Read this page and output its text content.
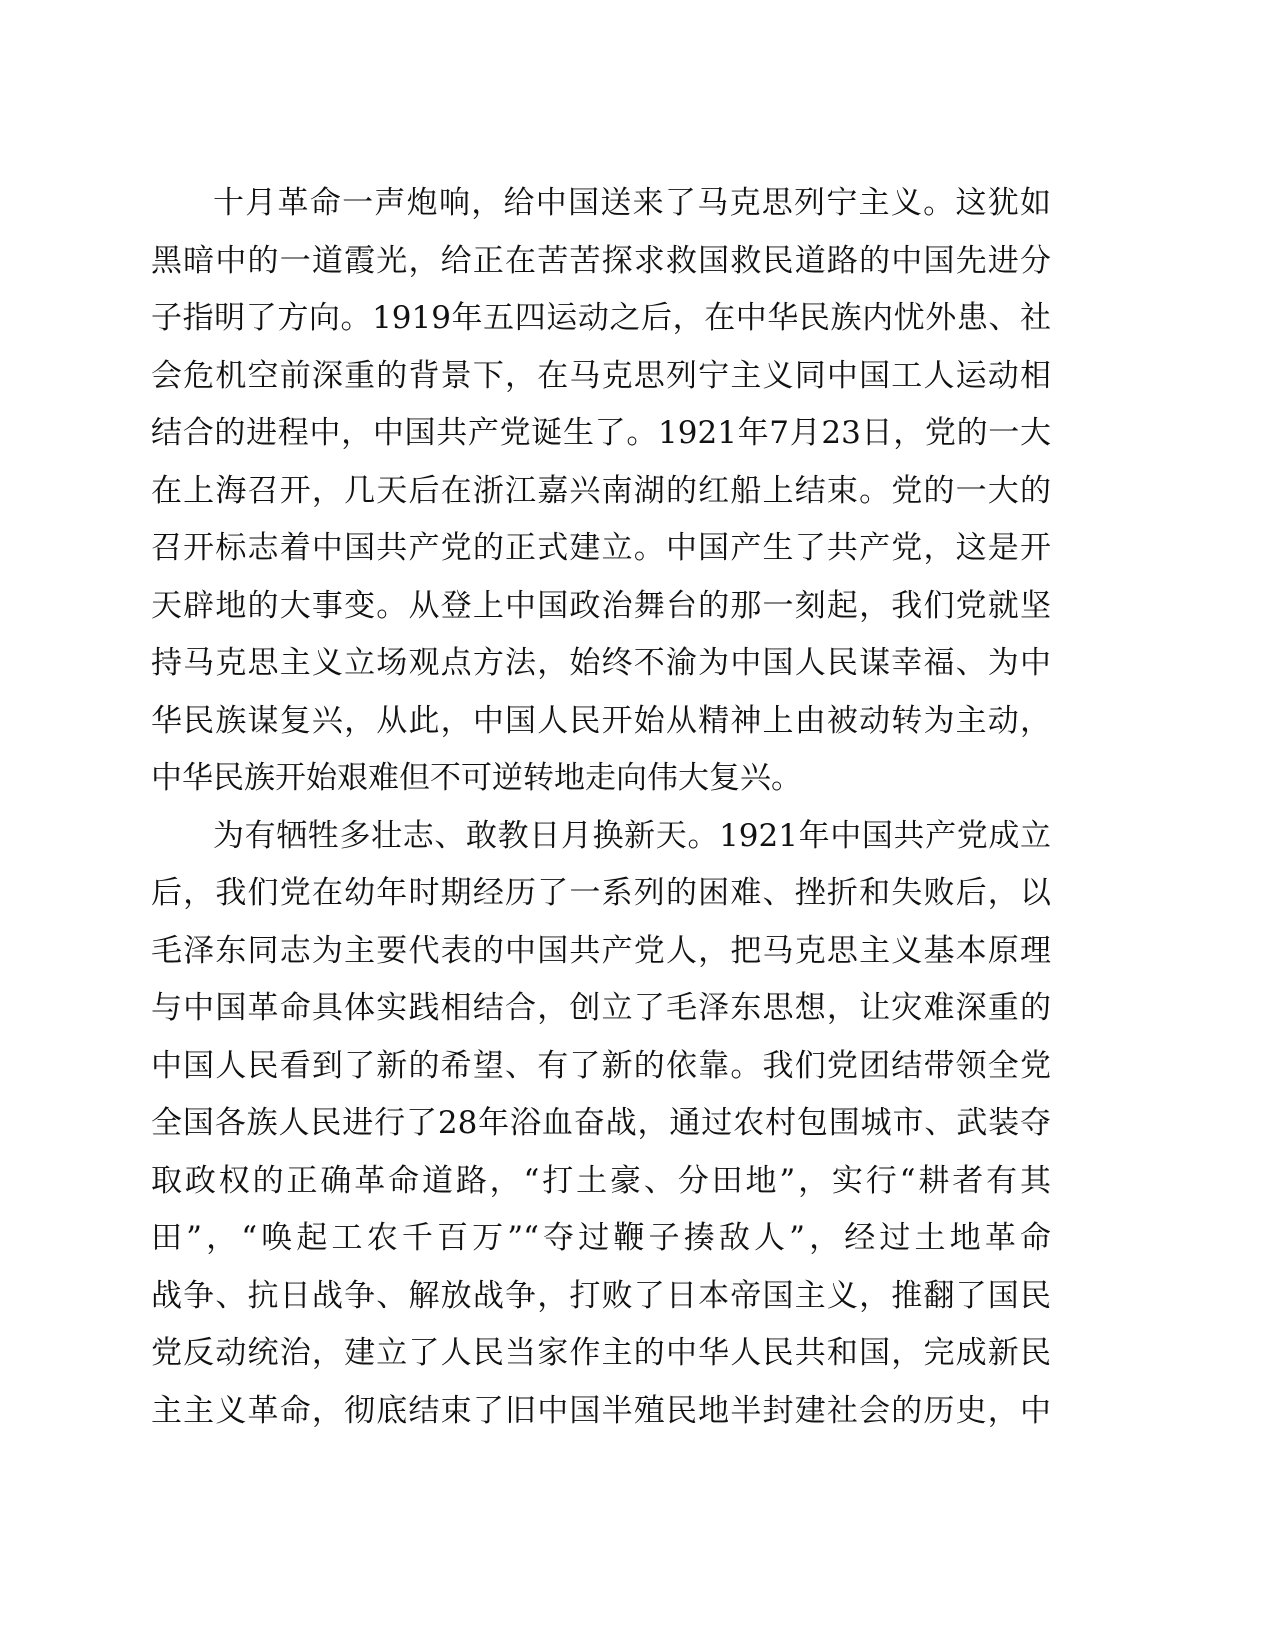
十月革命一声炮响，给中国送来了马克思列宁主义。这犹如
黑暗中的一道霞光，给正在苦苦探求救国救民道路的中国先进分
子指明了方向。1919年五四运动之后，在中华民族内忧外患、社
会危机空前深重的背景下，在马克思列宁主义同中国工人运动相
结合的进程中，中国共产党诞生了。1921年7月23日，党的一大
在上海召开，几天后在浙江嘉兴南湖的红船上结束。党的一大的
召开标志着中国共产党的正式建立。中国产生了共产党，这是开
天辟地的大事变。从登上中国政治舞台的那一刻起，我们党就坚
持马克思主义立场观点方法，始终不渝为中国人民谋幸福、为中
华民族谋复兴，从此，中国人民开始从精神上由被动转为主动，
中华民族开始艰难但不可逆转地走向伟大复兴。
为有牺牲多壮志、敢教日月换新天。1921年中国共产党成立
后，我们党在幼年时期经历了一系列的困难、挫折和失败后，以
毛泽东同志为主要代表的中国共产党人，把马克思主义基本原理
与中国革命具体实践相结合，创立了毛泽东思想，让灾难深重的
中国人民看到了新的希望、有了新的依靠。我们党团结带领全党
全国各族人民进行了28年浴血奋战，通过农村包围城市、武装夺
取政权的正确革命道路，“打土豪、分田地”，实行“耕者有其
田”，“唤起工农千百万”“夺过鞭子揍敌人”，经过土地革命
战争、抗日战争、解放战争，打败了日本帝国主义，推翻了国民
党反动统治，建立了人民当家作主的中华人民共和国，完成新民
主主义革命，彻底结束了旧中国半殖民地半封建社会的历史，中
